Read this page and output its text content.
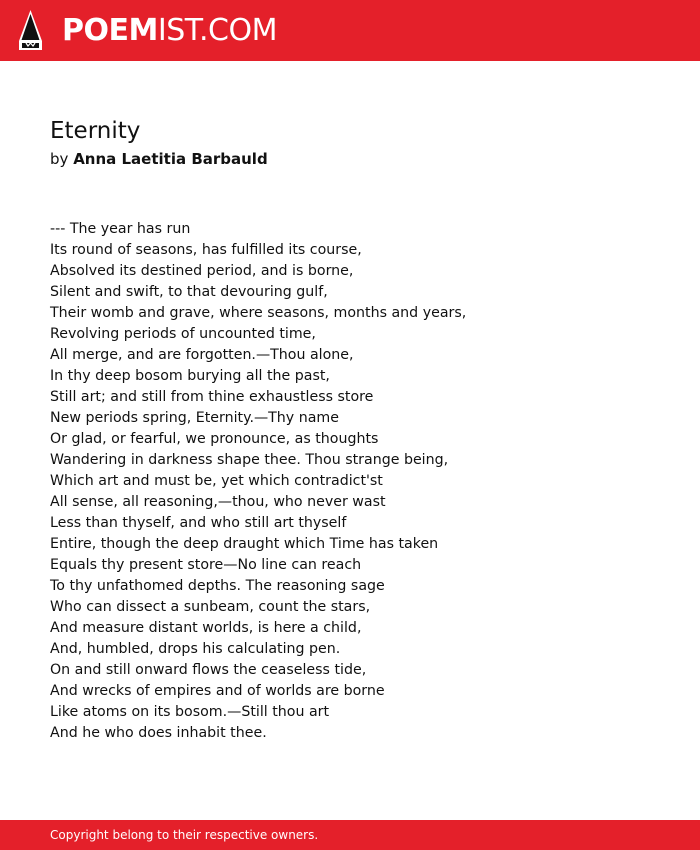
POEMIST.COM
Eternity
by Anna Laetitia Barbauld
--- The year has run
Its round of seasons, has fulfilled its course,
Absolved its destined period, and is borne,
Silent and swift, to that devouring gulf,
Their womb and grave, where seasons, months and years,
Revolving periods of uncounted time,
All merge, and are forgotten.—Thou alone,
In thy deep bosom burying all the past,
Still art; and still from thine exhaustless store
New periods spring, Eternity.—Thy name
Or glad, or fearful, we pronounce, as thoughts
Wandering in darkness shape thee. Thou strange being,
Which art and must be, yet which contradict'st
All sense, all reasoning,—thou, who never wast
Less than thyself, and who still art thyself
Entire, though the deep draught which Time has taken
Equals thy present store—No line can reach
To thy unfathomed depths. The reasoning sage
Who can dissect a sunbeam, count the stars,
And measure distant worlds, is here a child,
And, humbled, drops his calculating pen.
On and still onward flows the ceaseless tide,
And wrecks of empires and of worlds are borne
Like atoms on its bosom.—Still thou art
And he who does inhabit thee.
Copyright belong to their respective owners.
